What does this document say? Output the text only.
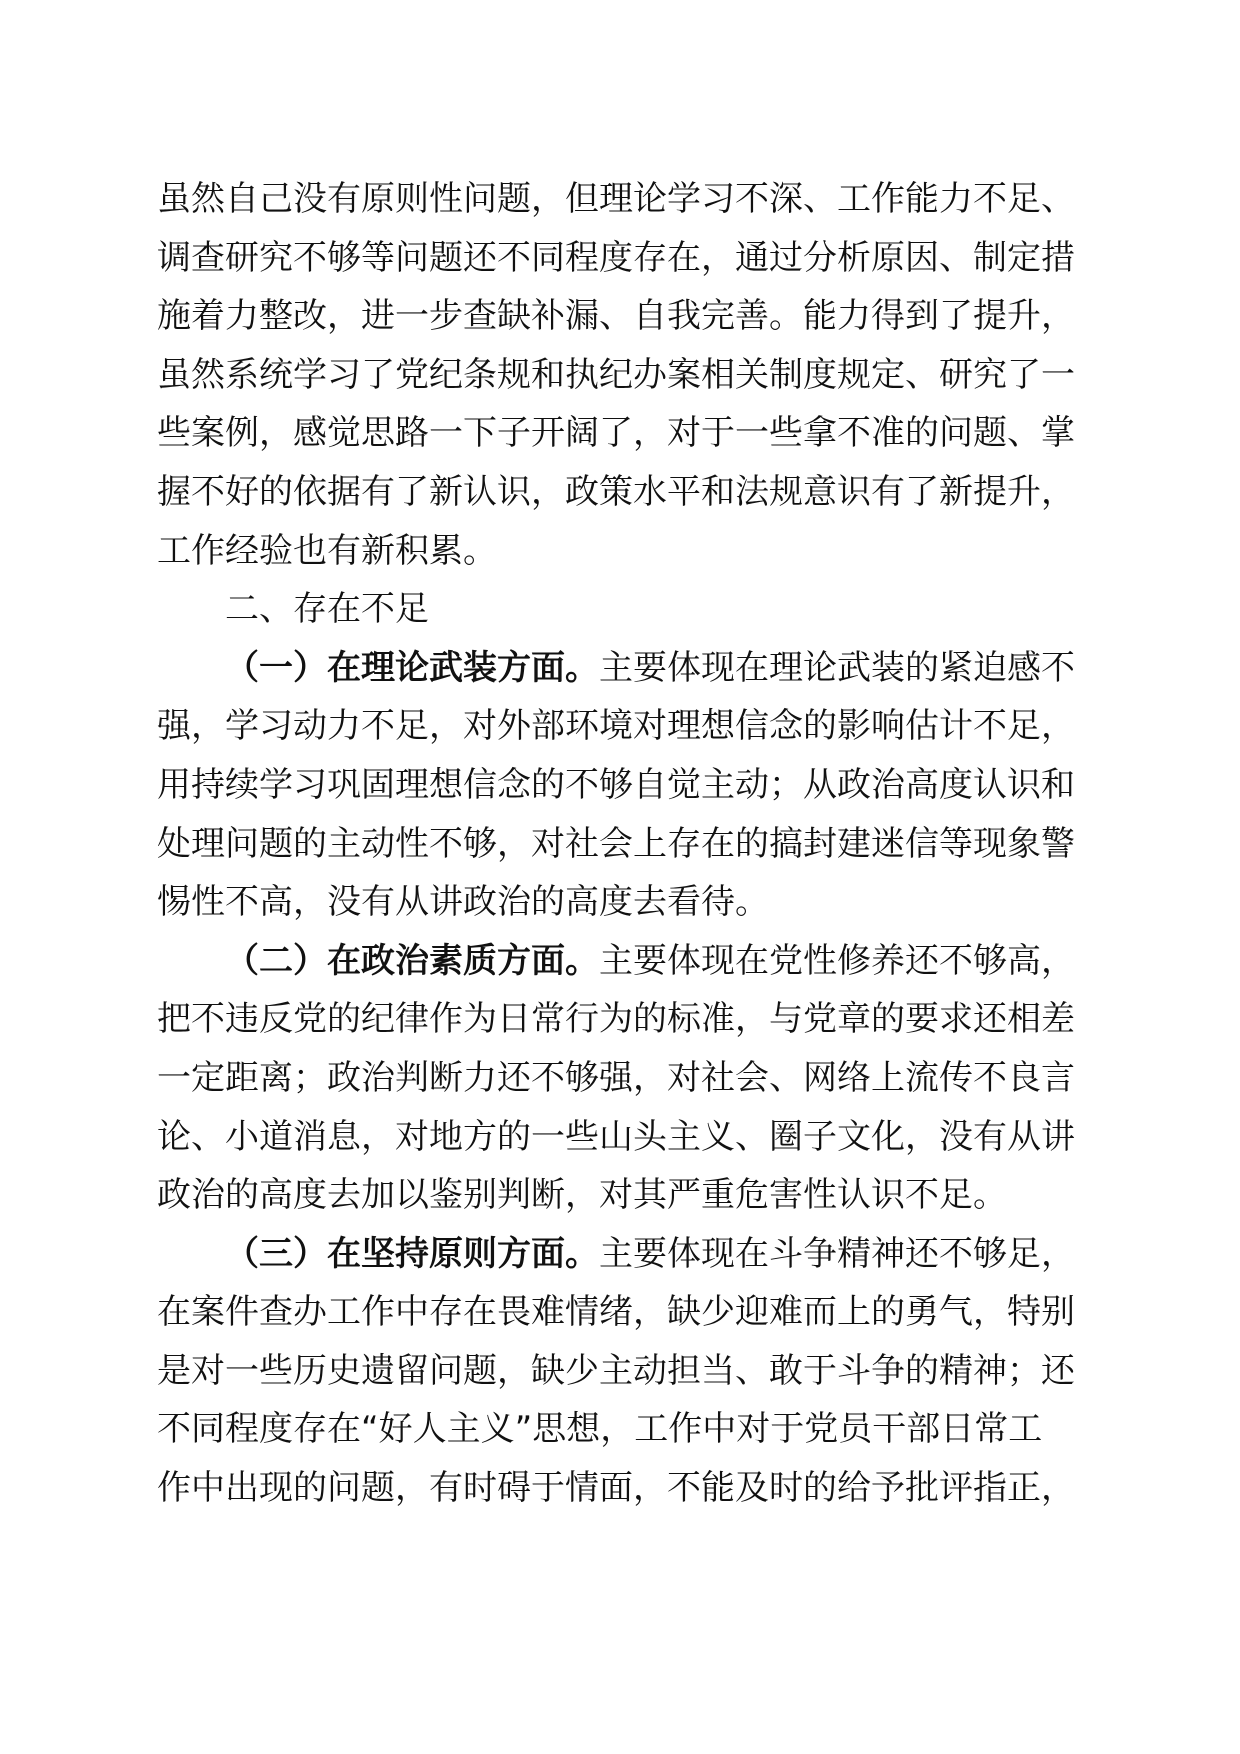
虽然自己没有原则性问题，但理论学习不深、工作能力不足、
调查研究不够等问题还不同程度存在，通过分析原因、制定措
施着力整改，进一步查缺补漏、自我完善。能力得到了提升，
虽然系统学习了党纪条规和执纪办案相关制度规定、研究了一
些案例，感觉思路一下子开阔了，对于一些拿不准的问题、掌
握不好的依据有了新认识，政策水平和法规意识有了新提升，
工作经验也有新积累。
二、存在不足
（一）在理论武装方面。主要体现在理论武装的紧迫感不
强，学习动力不足，对外部环境对理想信念的影响估计不足，
用持续学习巩固理想信念的不够自觉主动；从政治高度认识和
处理问题的主动性不够，对社会上存在的搞封建迷信等现象警
惕性不高，没有从讲政治的高度去看待。
（二）在政治素质方面。主要体现在党性修养还不够高，
把不违反党的纪律作为日常行为的标准，与党章的要求还相差
一定距离；政治判断力还不够强，对社会、网络上流传不良言
论、小道消息，对地方的一些山头主义、圈子文化，没有从讲
政治的高度去加以鉴别判断，对其严重危害性认识不足。
（三）在坚持原则方面。主要体现在斗争精神还不够足，
在案件查办工作中存在畏难情绪，缺少迎难而上的勇气，特别
是对一些历史遗留问题，缺少主动担当、敢于斗争的精神；还
不同程度存在“好人主义”思想，工作中对于党员干部日常工
作中出现的问题，有时碍于情面，不能及时的给予批评指正，
